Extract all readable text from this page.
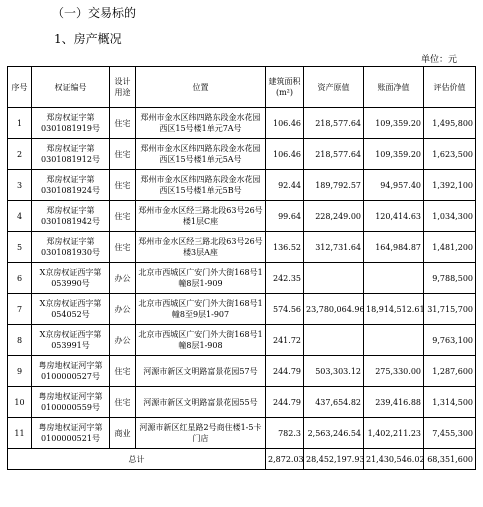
（一）交易标的
1、房产概况
单位：元
序号	权证编号	设计用途	位置	建筑面积(m²)	资产原值	账面净值	评估价值
1	郑房权证字第0301081919号	住宅	郑州市金水区纬四路东段金水花园西区15号楼1单元7A号	106.46	218,577.64	109,359.20	1,495,800
2	郑房权证字第0301081912号	住宅	郑州市金水区纬四路东段金水花园西区15号楼1单元5A号	106.46	218,577.64	109,359.20	1,623,500
3	郑房权证字第0301081924号	住宅	郑州市金水区纬四路东段金水花园西区15号楼1单元5B号	92.44	189,792.57	94,957.40	1,392,100
4	郑房权证字第0301081942号	住宅	郑州市金水区经三路北段63号26号楼1层C座	99.64	228,249.00	120,414.63	1,034,300
5	郑房权证字第0301081930号	住宅	郑州市金水区经三路北段63号26号楼3层A座	136.52	312,731.64	164,984.87	1,481,200
6	X京房权证西字第053990号	办公	北京市西城区广安门外大街168号1幢8层1-909	242.35			9,788,500
7	X京房权证西字第054052号	办公	北京市西城区广安门外大街168号1幢8至9层1-907	574.56	23,780,064.96	18,914,512.61	31,715,700
8	X京房权证西字第053991号	办公	北京市西城区广安门外大街168号1幢8层1-908	241.72			9,763,100
9	粤房地权证河字第0100000527号	住宅	河源市新区文明路富景花园57号	244.79	503,303.12	275,330.00	1,287,600
10	粤房地权证河字第0100000559号	住宅	河源市新区文明路富景花园55号	244.79	437,654.82	239,416.88	1,314,500
11	粤房地权证河字第0100000521号	商业	河源市新区红星路2号商住楼1-5卡门店	782.3	2,563,246.54	1,402,211.23	7,455,300
总计				2,872.03	28,452,197.93	21,430,546.02	68,351,600
